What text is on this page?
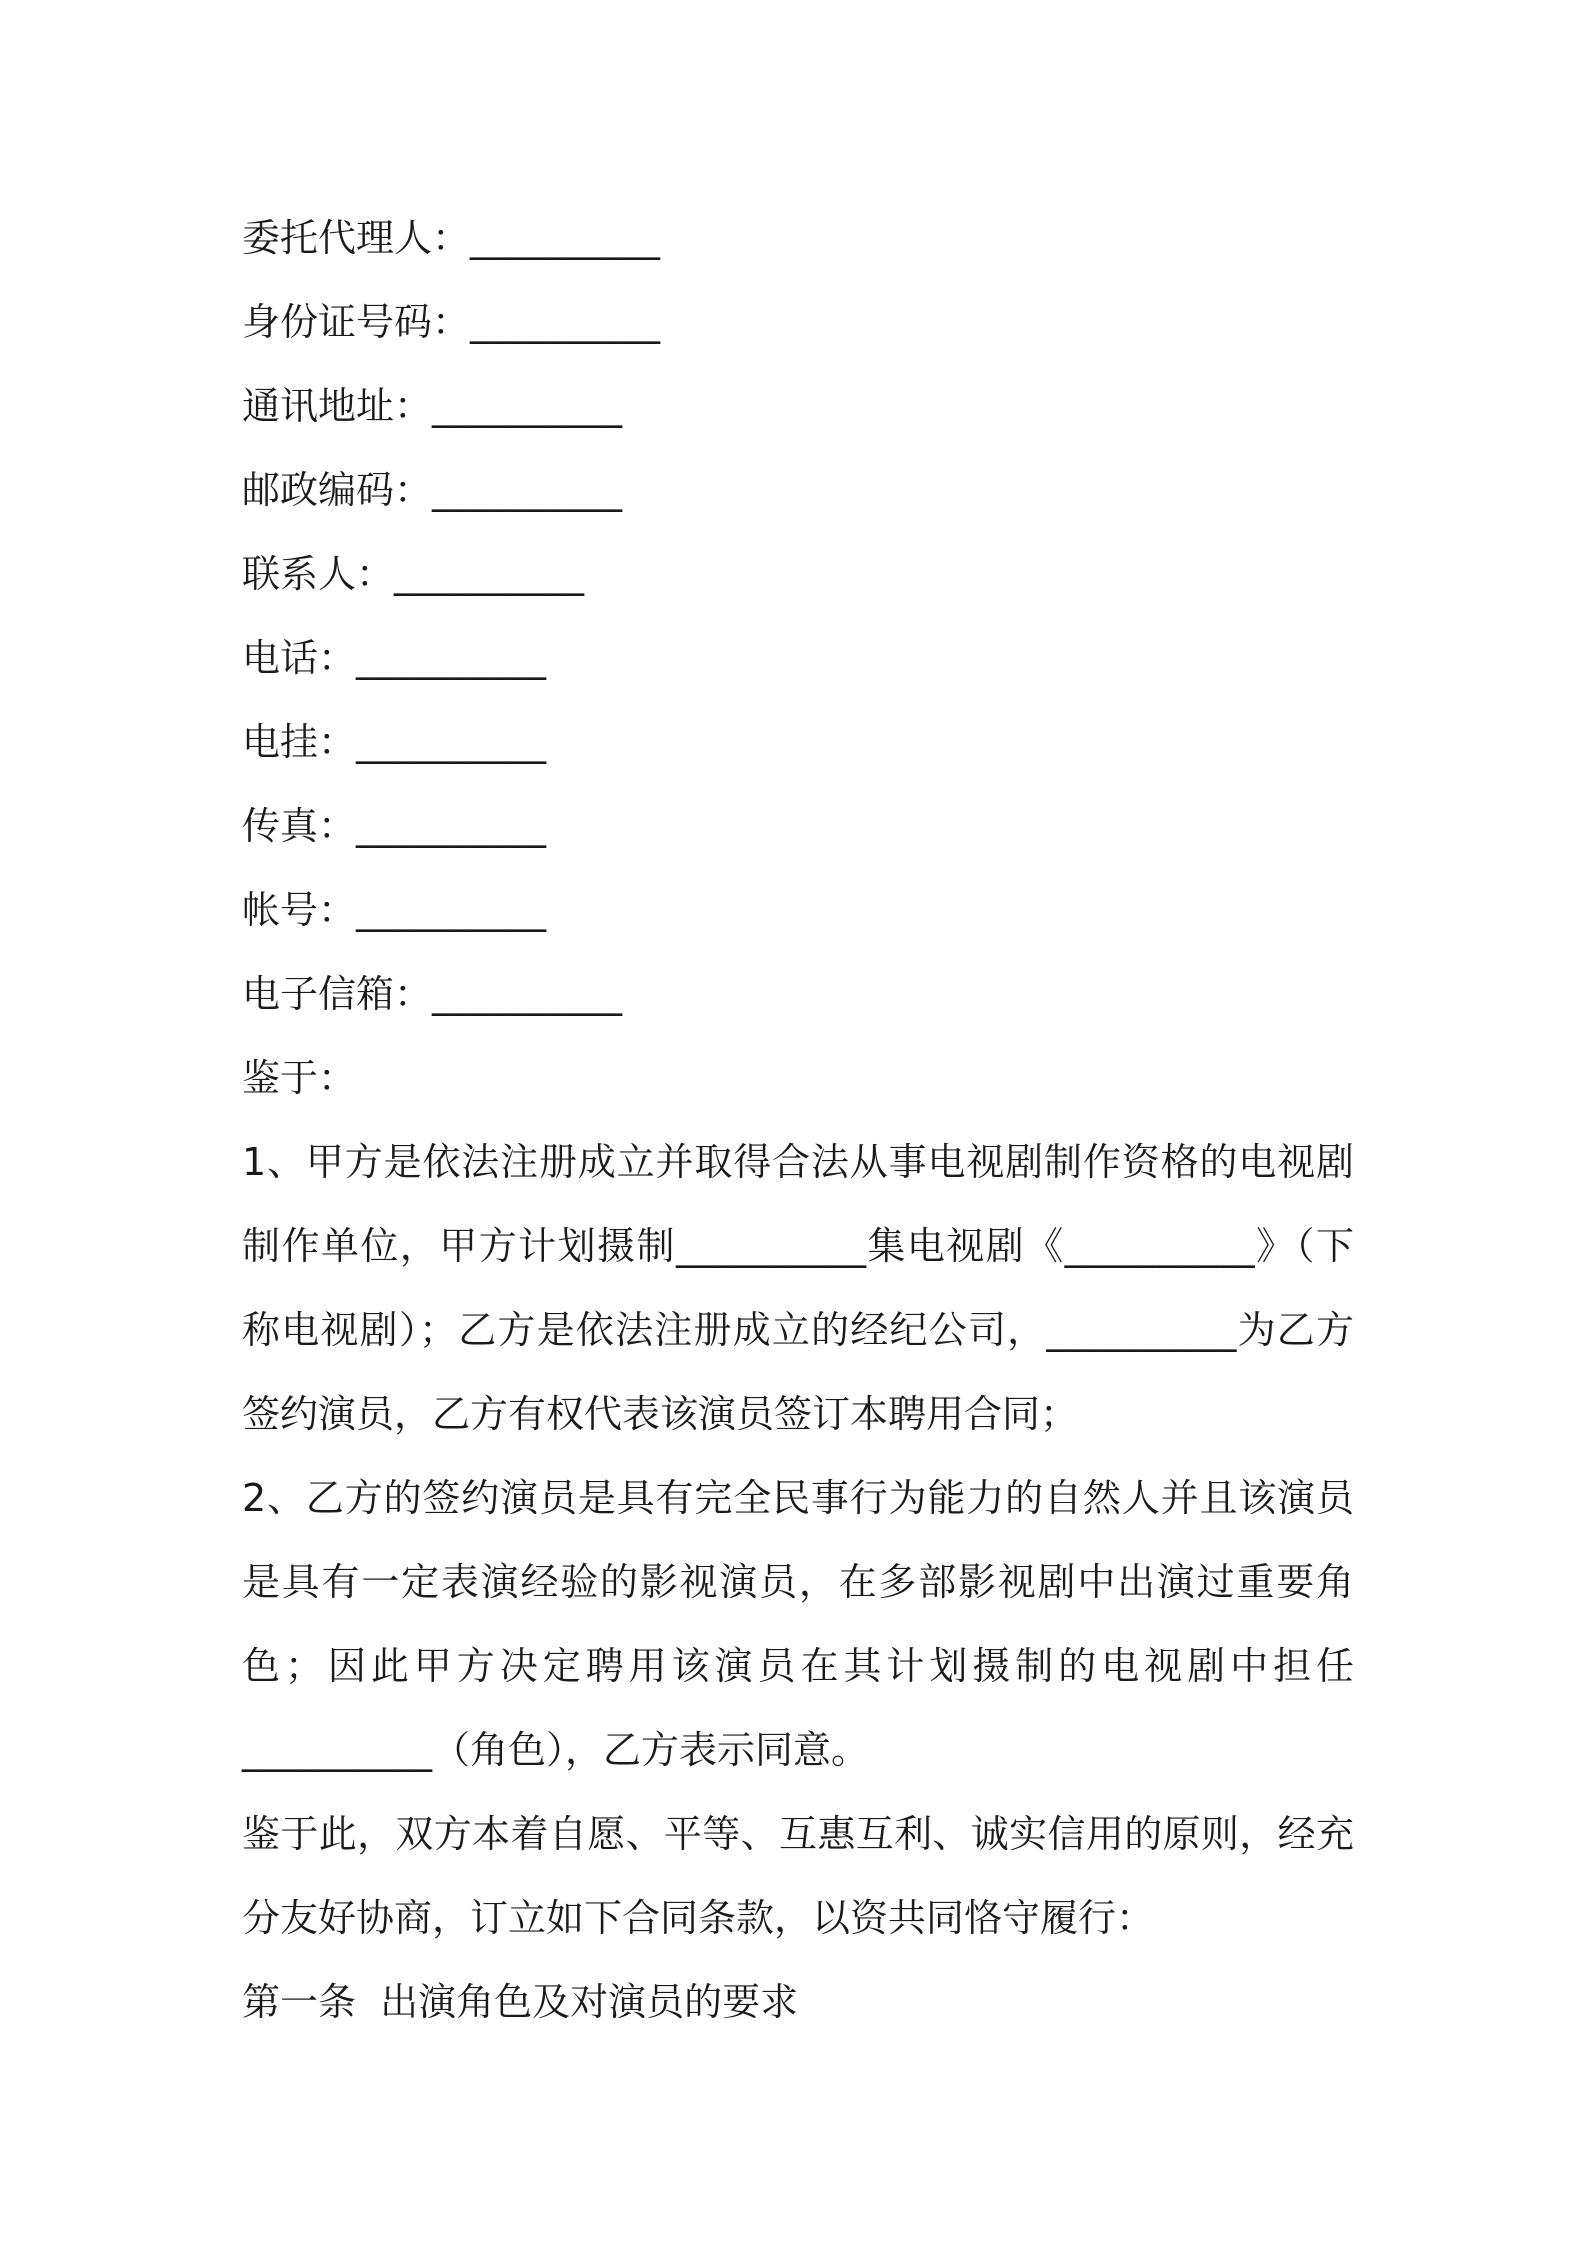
委托代理人：__________
身份证号码：__________
通讯地址：__________
邮政编码：__________
联系人：__________
电话：__________
电挂：__________
传真：__________
帐号：__________
电子信箱：__________

鉴于：

1、甲方是依法注册成立并取得合法从事电视剧制作资格的电视剧制作单位，甲方计划摄制__________集电视剧《__________》（下称电视剧）；乙方是依法注册成立的经纪公司，__________为乙方签约演员，乙方有权代表该演员签订本聘用合同；

2、乙方的签约演员是具有完全民事行为能力的自然人并且该演员是具有一定表演经验的影视演员，在多部影视剧中出演过重要角色；因此甲方决定聘用该演员在其计划摄制的电视剧中担任__________（角色），乙方表示同意。

鉴于此，双方本着自愿、平等、互惠互利、诚实信用的原则，经充分友好协商，订立如下合同条款，以资共同恪守履行：

第一条  出演角色及对演员的要求
